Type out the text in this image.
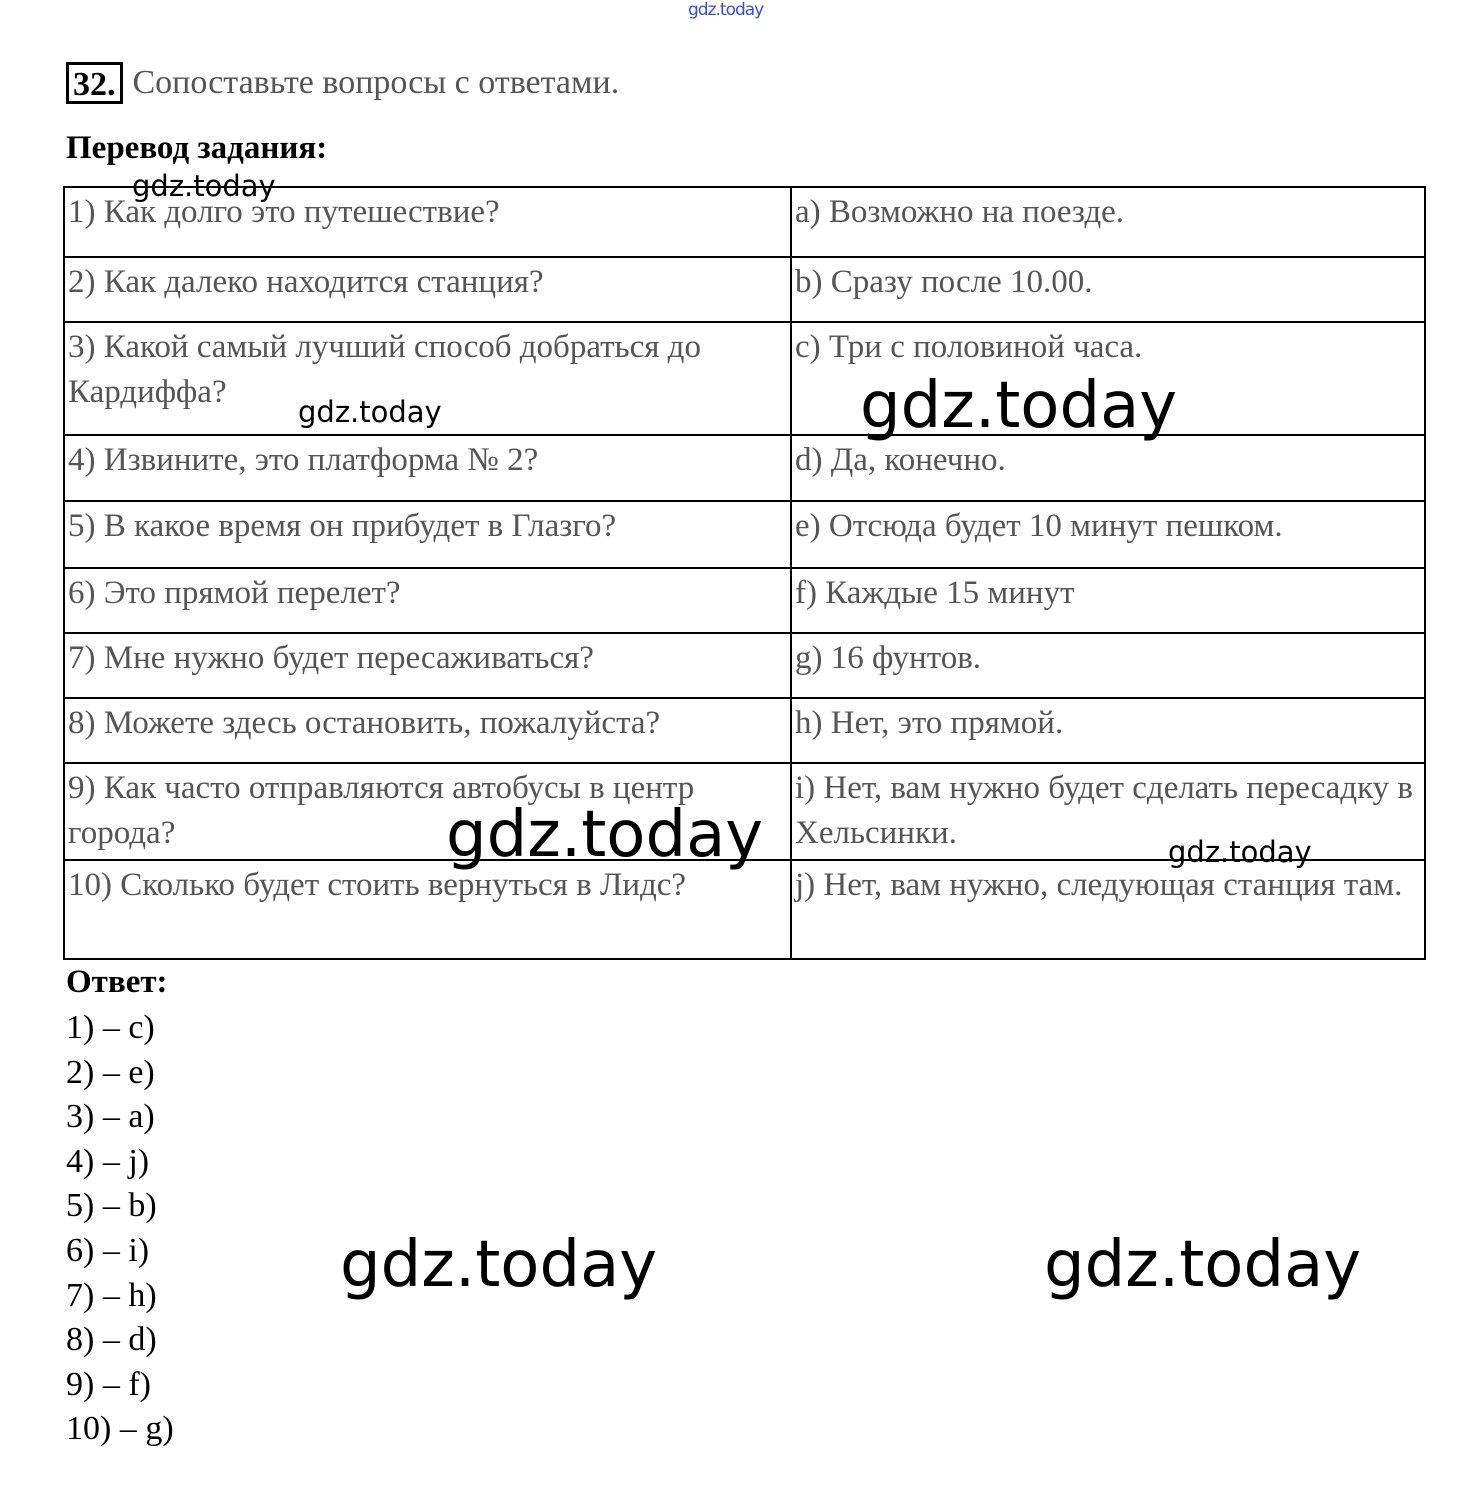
gdz.today
32. Сопоставьте вопросы с ответами.
Перевод задания:
1) Как долго это путешествие?	a) Возможно на поезде.
2) Как далеко находится станция?	b) Сразу после 10.00.
3) Какой самый лучший способ добраться до Кардиффа?	c) Три с половиной часа.
4) Извините, это платформа № 2?	d) Да, конечно.
5) В какое время он прибудет в Глазго?	e) Отсюда будет 10 минут пешком.
6) Это прямой перелет?	f) Каждые 15 минут
7) Мне нужно будет пересаживаться?	g) 16 фунтов.
8) Можете здесь остановить, пожалуйста?	h) Нет, это прямой.
9) Как часто отправляются автобусы в центр города?	i) Нет, вам нужно будет сделать пересадку в Хельсинки.
10) Сколько будет стоить вернуться в Лидс?	j) Нет, вам нужно, следующая станция там.
Ответ:
1) – c)
2) – e)
3) – a)
4) – j)
5) – b)
6) – i)
7) – h)
8) – d)
9) – f)
10) – g)
gdz.today
gdz.today
gdz.today
gdz.today
gdz.today
gdz.today	gdz.today
